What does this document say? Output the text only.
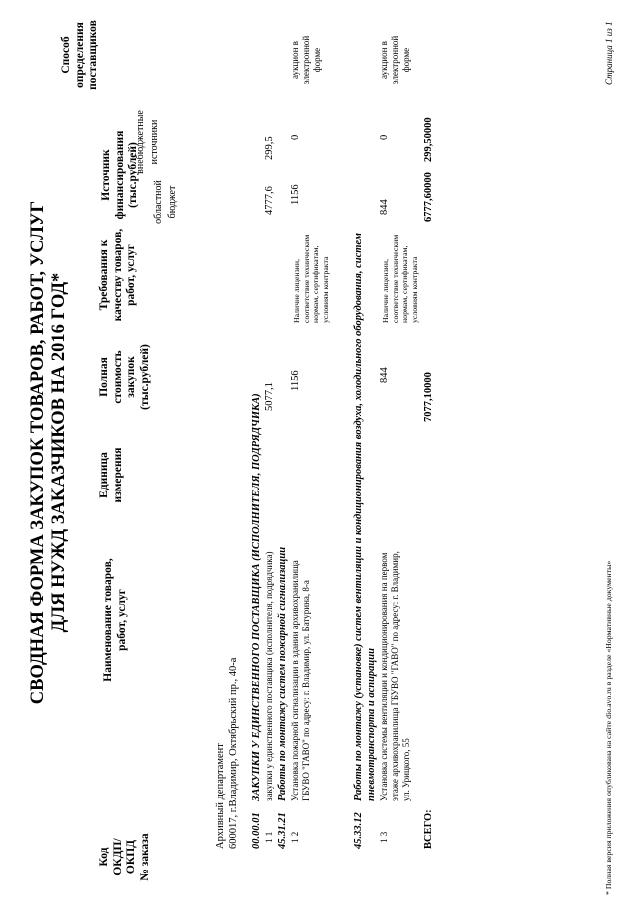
СВОДНАЯ ФОРМА ЗАКУПОК ТОВАРОВ, РАБОТ, УСЛУГ ДЛЯ НУЖД ЗАКАЗЧИКОВ НА 2016 ГОД*
Код ОКДП/ ОКПД № заказа
Наименование товаров, работ, услуг
Единица измерения
Полная стоимость закупок (тыс.рублей)
Требования к качеству товаров, работ, услуг
Источник финансирования (тыс.рублей) областной бюджет
внебюджетные источники
Способ определения поставщиков
Архивный департамент 600017, г.Владимир, Октябрьский пр., 40-а 00.00.01
ЗАКУПКИ У ЕДИНСТВЕННОГО ПОСТАВЩИКА (ИСПОЛНИТЕЛЯ, ПОДРЯДЧИКА)
1 1
закупки у единственного поставщика (исполнителя, подрядчика)
5077,1
4777,6
299,5
45.31.21
Работы по монтажу систем пожарной сигнализации
1 2
Установка пожарной сигнализации в здании архивохранилища ГБУВО "ГАВО" по адресу: г. Владимир, ул. Батурина, 8-а
1156
Наличие лицензии, соответствие техническим нормам, сертификатам, условиям контракта
1156
0
аукцион в электронной форме
45.33.12
Работы по монтажу (установке) систем вентиляции и кондиционирования воздуха, холодильного оборудования, систем пневмотранспорта и аспирации
1 3
Установка системы вентиляции и кондиционирования на первом этаже архивохранилища ГБУВО "ГАВО" по адресу: г. Владимир, ул. Урицкого, 55
844
Наличие лицензии, соответствие техническим нормам, сертификатам, условиям контракта
844
0
аукцион в электронной форме
ВСЕГО:
7077,10000
6777,60000
299,50000
* Полная версия приложения опубликована на сайте dio.avo.ru в разделе «Нормативные документы»
Страница 1 из 1
